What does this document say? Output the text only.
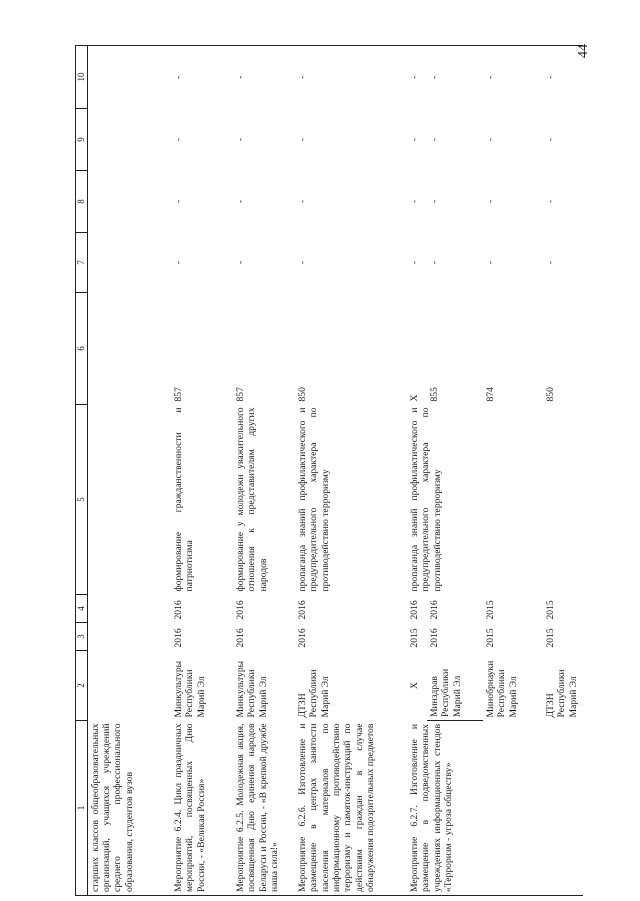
44
1	2	3	4	5	6	7	8	9	10
старших классов общеобразовательных организаций, учащихся учреждений среднего профессионального образования, студентов вузов									
Мероприятие 6.2.4. Цикл праздничных мероприятий, посвященных Дню России, - «Великая Россия»	Минкультуры Республики Марий Эл	2016	2016	формирование гражданственности и патриотизма	857	-	-	-	-
Мероприятие 6.2.5. Молодежная акция, посвященная Дню единения народов Беларуси и России, - «В крепкой дружбе наша сила!»	Минкультуры Республики Марий Эл	2016	2016	формирование у молодежи уважительного отношения к представителям других народов	857	-	-	-	-
Мероприятие 6.2.6. Изготовление и размещение в центрах занятости населения материалов по информационному противодействию терроризму и памяток-инструкций по действиям граждан в случае обнаружения подозрительных предметов	ДТЗН Республики Марий Эл	2016	2016	пропаганда знаний профилактического и предупредительного характера по противодействию терроризму	850	-	-	-	-
Мероприятие 6.2.7. Изготовление и размещение в подведомственных учреждениях информационных стендов «Терроризм - угроза обществу»	X	2015	2016	пропаганда знаний профилактического и предупредительного характера по противодействию терроризму	X	-	-	-	-
	Минздрав Республики Марий Эл	2016	2016		855	-	-	-	-
	Минобрнауки Республики Марий Эл	2015	2015		874	-	-	-	-
	ДТЗН Республики Марий Эл	2015	2015		850	-	-	-	-
